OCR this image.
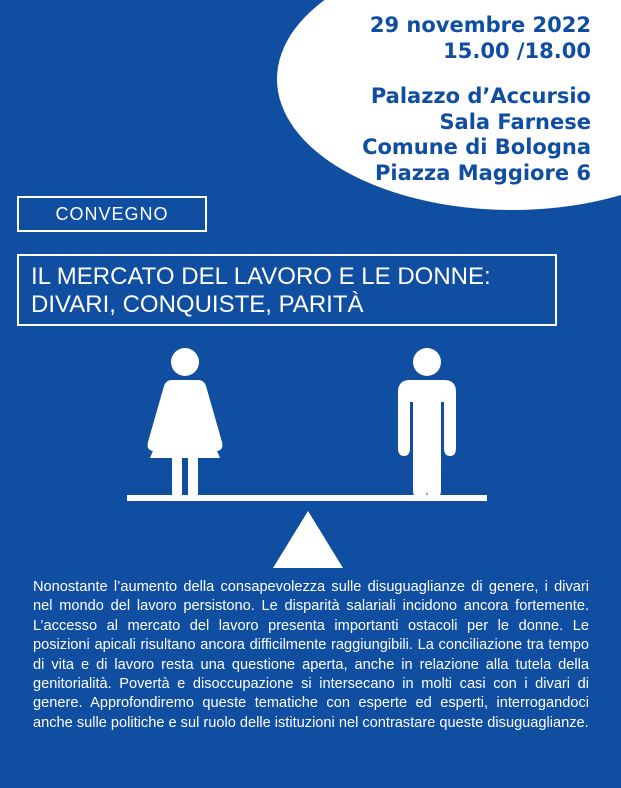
29 novembre 2022
15.00 /18.00
Palazzo d’Accursio
Sala Farnese
Comune di Bologna
Piazza Maggiore 6
CONVEGNO
IL MERCATO DEL LAVORO E LE DONNE:
DIVARI, CONQUISTE, PARITÀ
Nonostante l’aumento della consapevolezza sulle disuguaglianze di genere, i divari nel mondo del lavoro persistono. Le disparità salariali incidono ancora fortemente. L’accesso al mercato del lavoro presenta importanti ostacoli per le donne. Le posizioni apicali risultano ancora difficilmente raggiungibili. La conciliazione tra tempo di vita e di lavoro resta una questione aperta, anche in relazione alla tutela della genitorialità. Povertà e disoccupazione si intersecano in molti casi con i divari di genere. Approfondiremo queste tematiche con esperte ed esperti, interrogandoci anche sulle politiche e sul ruolo delle istituzioni nel contrastare queste disuguaglianze.
